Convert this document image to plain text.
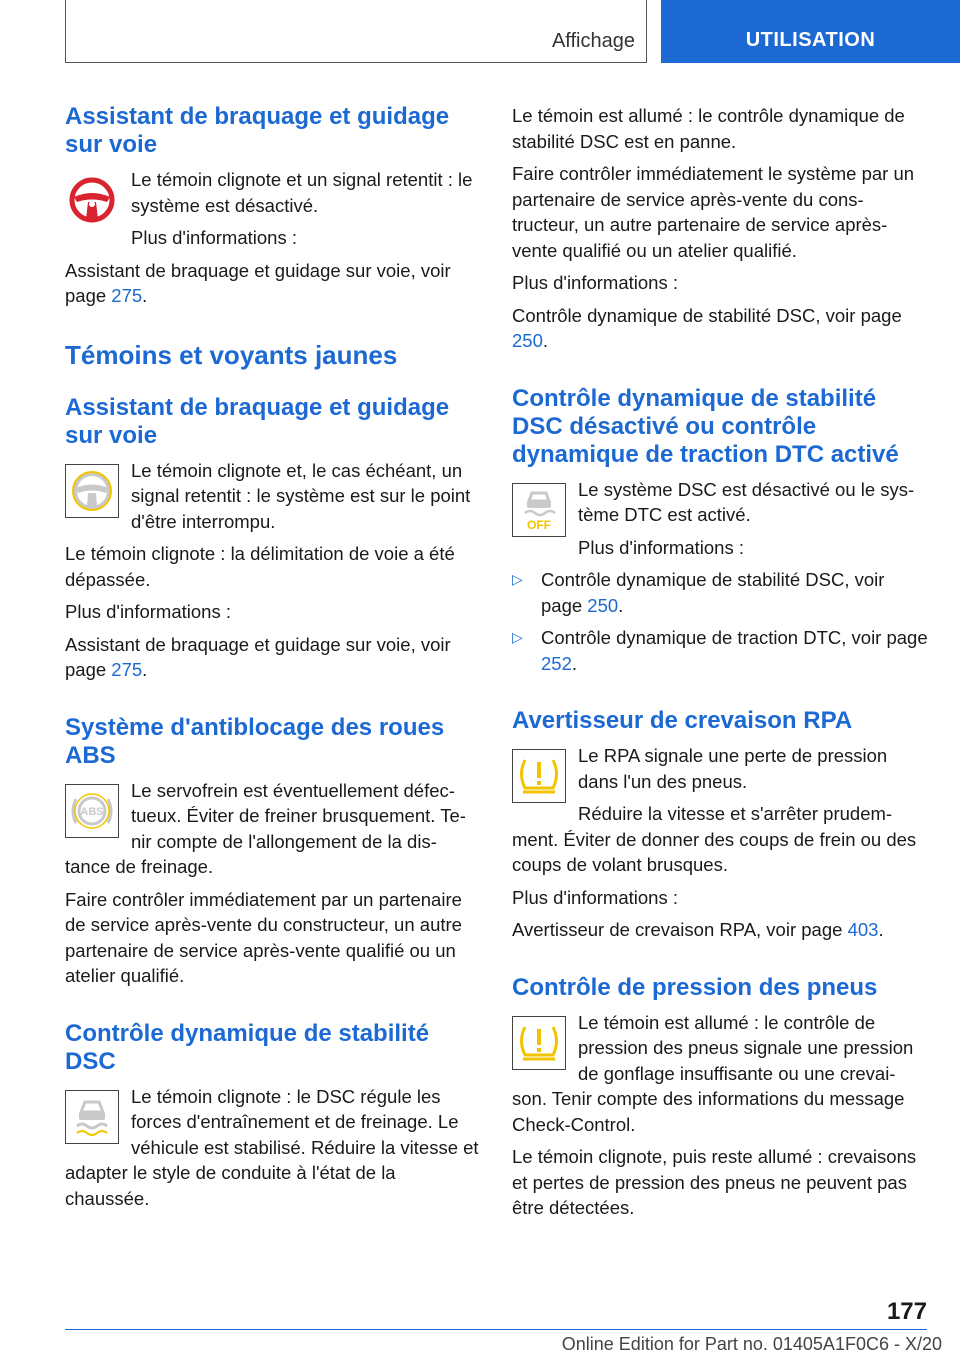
Affichage	UTILISATION
Assistant de braquage et guidage sur voie

Le témoin clignote et un signal retentit : le système est désactivé.

Plus d'informations :

Assistant de braquage et guidage sur voie, voir page 275.

Témoins et voyants jaunes
Assistant de braquage et guidage sur voie

Le témoin clignote et, le cas échéant, un signal retentit : le système est sur le point d'être interrompu.

Le témoin clignote : la délimitation de voie a été dépassée.

Plus d'informations :

Assistant de braquage et guidage sur voie, voir page 275.

Système d'antiblocage des roues ABS
ABS

Le servofrein est éventuellement défec-tueux. Éviter de freiner brusquement. Te-nir compte de l'allongement de la dis-tance de freinage.

Faire contrôler immédiatement par un partenaire de service après-vente du constructeur, un autre partenaire de service après-vente qualifié ou un atelier qualifié.

Contrôle dynamique de stabilité DSC

Le témoin clignote : le DSC régule les forces d'entraînement et de freinage. Le véhicule est stabilisé. Réduire la vitesse et adapter le style de conduite à l'état de la chaussée.

Le témoin est allumé : le contrôle dynamique de stabilité DSC est en panne.

Faire contrôler immédiatement le système par un partenaire de service après-vente du cons-tructeur, un autre partenaire de service après-vente qualifié ou un atelier qualifié.

Plus d'informations :

Contrôle dynamique de stabilité DSC, voir page 250.

Contrôle dynamique de stabilité DSC désactivé ou contrôle dynamique de traction DTC activé
OFF

Le système DSC est désactivé ou le sys-tème DTC est activé.

Plus d'informations :

▷ Contrôle dynamique de stabilité DSC, voir page 250.
▷ Contrôle dynamique de traction DTC, voir page 252.
Avertisseur de crevaison RPA

Le RPA signale une perte de pression dans l'un des pneus.

Réduire la vitesse et s'arrêter prudem-ment. Éviter de donner des coups de frein ou des coups de volant brusques.

Plus d'informations :

Avertisseur de crevaison RPA, voir page 403.

Contrôle de pression des pneus

Le témoin est allumé : le contrôle de pression des pneus signale une pression de gonflage insuffisante ou une crevai-son. Tenir compte des informations du message Check-Control.

Le témoin clignote, puis reste allumé : crevaisons et pertes de pression des pneus ne peuvent pas être détectées.

177
Online Edition for Part no. 01405A1F0C6 - X/20
